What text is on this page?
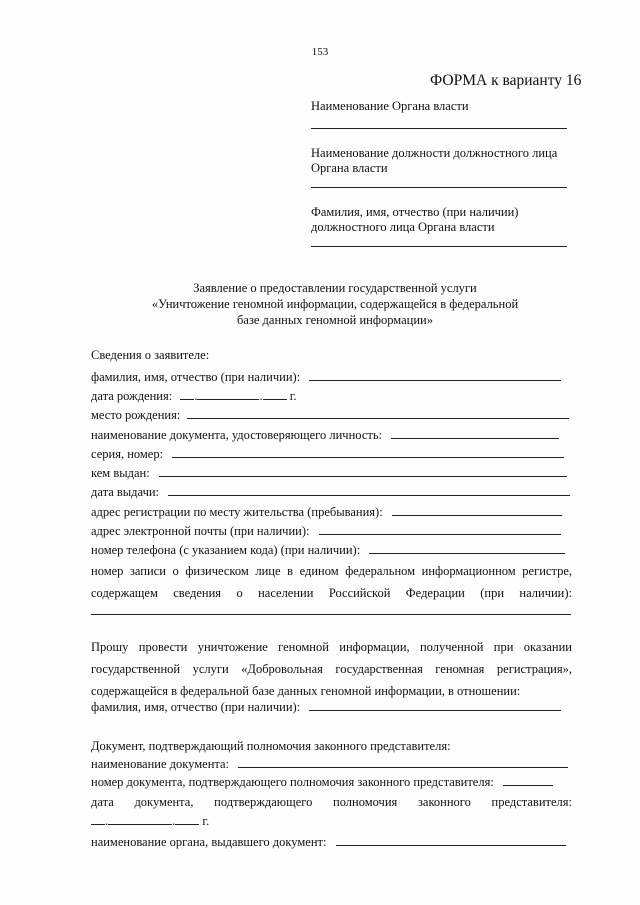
153
ФОРМА к варианту 16
Наименование Органа власти
Наименование должности должностного лица Органа власти
Фамилия, имя, отчество (при наличии) должностного лица Органа власти
Заявление о предоставлении государственной услуги
«Уничтожение геномной информации, содержащейся в федеральной
базе данных геномной информации»
Сведения о заявителе:
фамилия, имя, отчество (при наличии):
дата рождения: .	. г.
место рождения:
наименование документа, удостоверяющего личность:
серия, номер:
кем выдан:
дата выдачи:
адрес регистрации по месту жительства (пребывания):
адрес электронной почты (при наличии):
номер телефона (с указанием кода) (при наличии):
номер записи о физическом лице в едином федеральном информационном регистре,
содержащем сведения о населении Российской Федерации (при наличии):
Прошу провести уничтожение геномной информации, полученной при оказании
государственной услуги «Добровольная государственная геномная регистрация»,
содержащейся в федеральной базе данных геномной информации, в отношении:
фамилия, имя, отчество (при наличии):
Документ, подтверждающий полномочия законного представителя:
наименование документа:
номер документа, подтверждающего полномочия законного представителя:
дата документа, подтверждающего полномочия законного представителя:
.	. г.
наименование органа, выдавшего документ:
